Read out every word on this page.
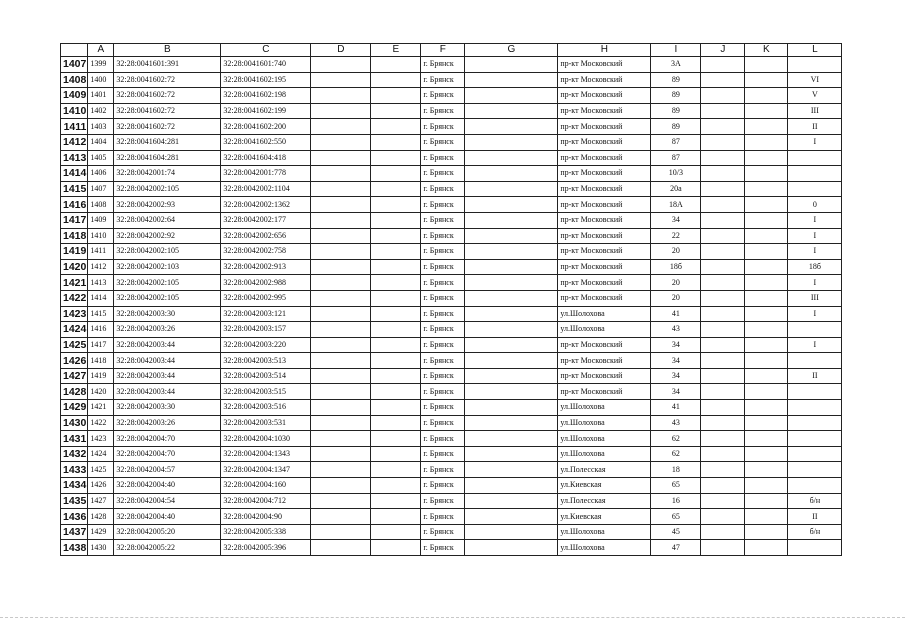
	A	B	C	D	E	F	G	H	I	J	K	L
1407	1399	32:28:0041601:391	32:28:0041601:740			г. Брянск		пр-кт Московский	3А			
1408	1400	32:28:0041602:72	32:28:0041602:195			г. Брянск		пр-кт Московский	89			VI
1409	1401	32:28:0041602:72	32:28:0041602:198			г. Брянск		пр-кт Московский	89			V
1410	1402	32:28:0041602:72	32:28:0041602:199			г. Брянск		пр-кт Московский	89			III
1411	1403	32:28:0041602:72	32:28:0041602:200			г. Брянск		пр-кт Московский	89			II
1412	1404	32:28:0041604:281	32:28:0041602:550			г. Брянск		пр-кт Московский	87			I
1413	1405	32:28:0041604:281	32:28:0041604:418			г. Брянск		пр-кт Московский	87			
1414	1406	32:28:0042001:74	32:28:0042001:778			г. Брянск		пр-кт Московский	10/3			
1415	1407	32:28:0042002:105	32:28:0042002:1104			г. Брянск		пр-кт Московский	20а			
1416	1408	32:28:0042002:93	32:28:0042002:1362			г. Брянск		пр-кт Московский	18А			0
1417	1409	32:28:0042002:64	32:28:0042002:177			г. Брянск		пр-кт Московский	34			I
1418	1410	32:28:0042002:92	32:28:0042002:656			г. Брянск		пр-кт Московский	22			I
1419	1411	32:28:0042002:105	32:28:0042002:758			г. Брянск		пр-кт Московский	20			I
1420	1412	32:28:0042002:103	32:28:0042002:913			г. Брянск		пр-кт Московский	18б			18б
1421	1413	32:28:0042002:105	32:28:0042002:988			г. Брянск		пр-кт Московский	20			I
1422	1414	32:28:0042002:105	32:28:0042002:995			г. Брянск		пр-кт Московский	20			III
1423	1415	32:28:0042003:30	32:28:0042003:121			г. Брянск		ул.Шолохова	41			I
1424	1416	32:28:0042003:26	32:28:0042003:157			г. Брянск		ул.Шолохова	43			
1425	1417	32:28:0042003:44	32:28:0042003:220			г. Брянск		пр-кт Московский	34			I
1426	1418	32:28:0042003:44	32:28:0042003:513			г. Брянск		пр-кт Московский	34			
1427	1419	32:28:0042003:44	32:28:0042003:514			г. Брянск		пр-кт Московский	34			II
1428	1420	32:28:0042003:44	32:28:0042003:515			г. Брянск		пр-кт Московский	34			
1429	1421	32:28:0042003:30	32:28:0042003:516			г. Брянск		ул.Шолохова	41			
1430	1422	32:28:0042003:26	32:28:0042003:531			г. Брянск		ул.Шолохова	43			
1431	1423	32:28:0042004:70	32:28:0042004:1030			г. Брянск		ул.Шолохова	62			
1432	1424	32:28:0042004:70	32:28:0042004:1343			г. Брянск		ул.Шолохова	62			
1433	1425	32:28:0042004:57	32:28:0042004:1347			г. Брянск		ул.Полесская	18			
1434	1426	32:28:0042004:40	32:28:0042004:160			г. Брянск		ул.Киевская	65			
1435	1427	32:28:0042004:54	32:28:0042004:712			г. Брянск		ул.Полесская	16			б/н
1436	1428	32:28:0042004:40	32:28:0042004:90			г. Брянск		ул.Киевская	65			II
1437	1429	32:28:0042005:20	32:28:0042005:338			г. Брянск		ул.Шолохова	45			б/н
1438	1430	32:28:0042005:22	32:28:0042005:396			г. Брянск		ул.Шолохова	47			
